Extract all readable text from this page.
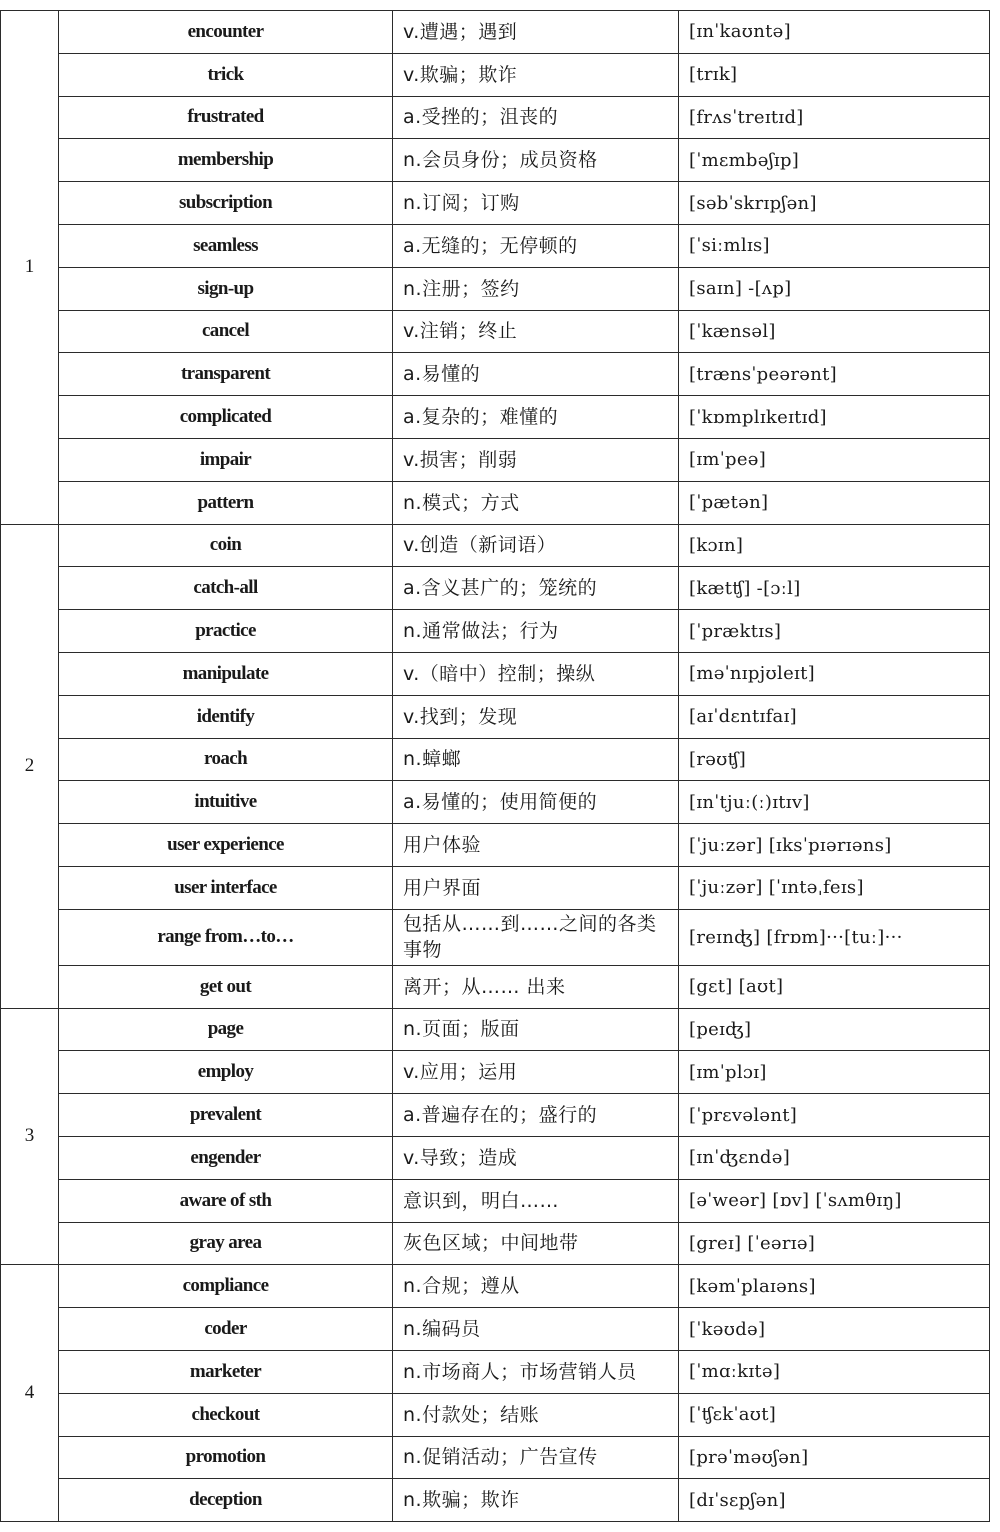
1	encounter	v.遭遇；遇到	[ɪnˈkaʊntə]
	trick	v.欺骗；欺诈	[trɪk]
	frustrated	a.受挫的；沮丧的	[frʌsˈtreɪtɪd]
	membership	n.会员身份；成员资格	[ˈmɛmbəʃɪp]
	subscription	n.订阅；订购	[səbˈskrɪpʃən]
	seamless	a.无缝的；无停顿的	[ˈsiːmlɪs]
	sign-up	n.注册；签约	[saɪn] -[ʌp]
	cancel	v.注销；终止	[ˈkænsəl]
	transparent	a.易懂的	[trænsˈpeərənt]
	complicated	a.复杂的；难懂的	[ˈkɒmplɪkeɪtɪd]
	impair	v.损害；削弱	[ɪmˈpeə]
	pattern	n.模式；方式	[ˈpætən]
2	coin	v.创造（新词语）	[kɔɪn]
	catch-all	a.含义甚广的；笼统的	[kætʧ] -[ɔːl]
	practice	n.通常做法；行为	[ˈpræktɪs]
	manipulate	v.（暗中）控制；操纵	[məˈnɪpjʊleɪt]
	identify	v.找到；发现	[aɪˈdɛntɪfaɪ]
	roach	n.蟑螂	[rəʊʧ]
	intuitive	a.易懂的；使用简便的	[ɪnˈtjuː(ː)ɪtɪv]
	user experience	用户体验	[ˈjuːzər] [ɪksˈpɪərɪəns]
	user interface	用户界面	[ˈjuːzər] [ˈɪntəˌfeɪs]
	range from…to…	包括从……到……之间的各类事物	[reɪnʤ] [frɒm]···[tuː]···
	get out	离开；从…… 出来	[gɛt] [aʊt]
3	page	n.页面；版面	[peɪʤ]
	employ	v.应用；运用	[ɪmˈplɔɪ]
	prevalent	a.普遍存在的；盛行的	[ˈprɛvələnt]
	engender	v.导致；造成	[ɪnˈʤɛndə]
	aware of sth	意识到，明白……	[əˈweər] [ɒv] [ˈsʌmθɪŋ]
	gray area	灰色区域；中间地带	[greɪ] [ˈeərɪə]
4	compliance	n.合规；遵从	[kəmˈplaɪəns]
	coder	n.编码员	[ˈkəʊdə]
	marketer	n.市场商人；市场营销人员	[ˈmɑːkɪtə]
	checkout	n.付款处；结账	[ˈʧɛkˈaʊt]
	promotion	n.促销活动；广告宣传	[prəˈməʊʃən]
	deception	n.欺骗；欺诈	[dɪˈsɛpʃən]
